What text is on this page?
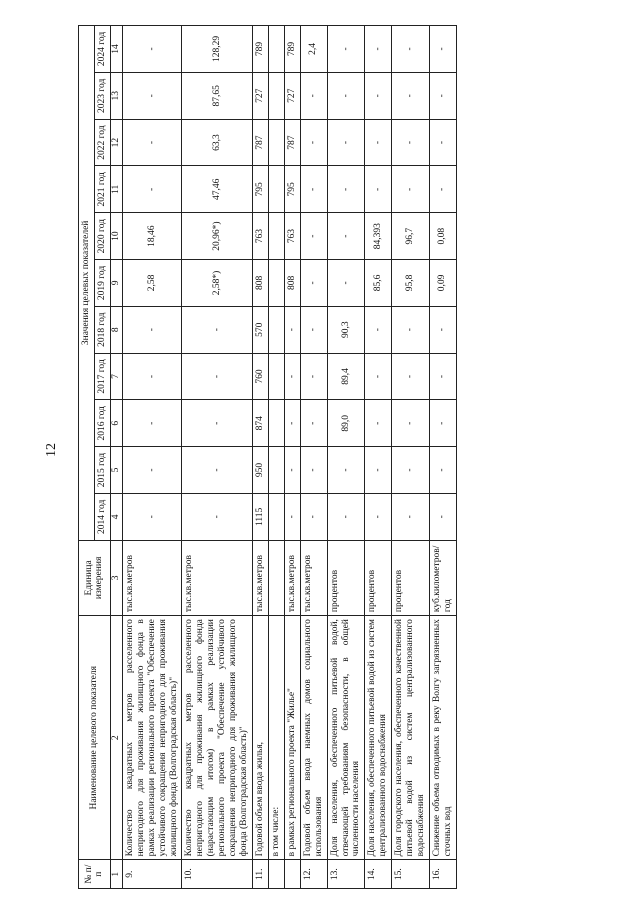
12
№ п/п	Наименование целевого показателя	Единица измерения	Значения целевых показателей										
			2014 год	2015 год	2016 год	2017 год	2018 год	2019 год	2020 год	2021 год	2022 год	2023 год	2024 год
1	2	3	4	5	6	7	8	9	10	11	12	13	14
9.	Количество квадратных метров расселенного непригодного для проживания жилищного фонда в рамках реализации регионального проекта "Обеспечение устойчивого сокращения непригодного для проживания жилищного фонда (Волгоградская область)"	тыс.кв.метров	-	-	-	-	-	2,58	18,46	-	-	-	-
10.	Количество квадратных метров расселенного непригодного для проживания жилищного фонда (нарастающим итогом) в рамках реализации регионального проекта "Обеспечение устойчивого сокращения непригодного для проживания жилищного фонда (Волгоградская область)"	тыс.кв.метров	-	-	-	-	-	2,58*)	20,96*)	47,46	63,3	87,65	128,29
11.	Годовой объем ввода жилья,	тыс.кв.метров	1115	950	874	760	570	808	763	795	787	727	789
	в том числе:												
	в рамках регионального проекта "Жилье"	тыс.кв.метров	-	-	-	-	-	808	763	795	787	727	789
12.	Годовой объем ввода наемных домов социального использования	тыс.кв.метров	-	-	-	-	-	-	-	-	-	-	2,4
13.	Доля населения, обеспеченного питьевой водой, отвечающей требованиям безопасности, в общей численности населения	процентов	-	-	89,0	89,4	90,3	-	-	-	-	-	-
14.	Доля населения, обеспеченного питьевой водой из систем централизованного водоснабжения	процентов	-	-	-	-	-	85,6	84,393	-	-	-	-
15.	Доля городского населения, обеспеченного качественной питьевой водой из систем централизованного водоснабжения	процентов	-	-	-	-	-	95,8	96,7	-	-	-	-
16.	Снижение объема отводимых в реку Волгу загрязненных сточных вод	куб.километров/год	-	-	-	-	-	0,09	0,08	-	-	-	-
